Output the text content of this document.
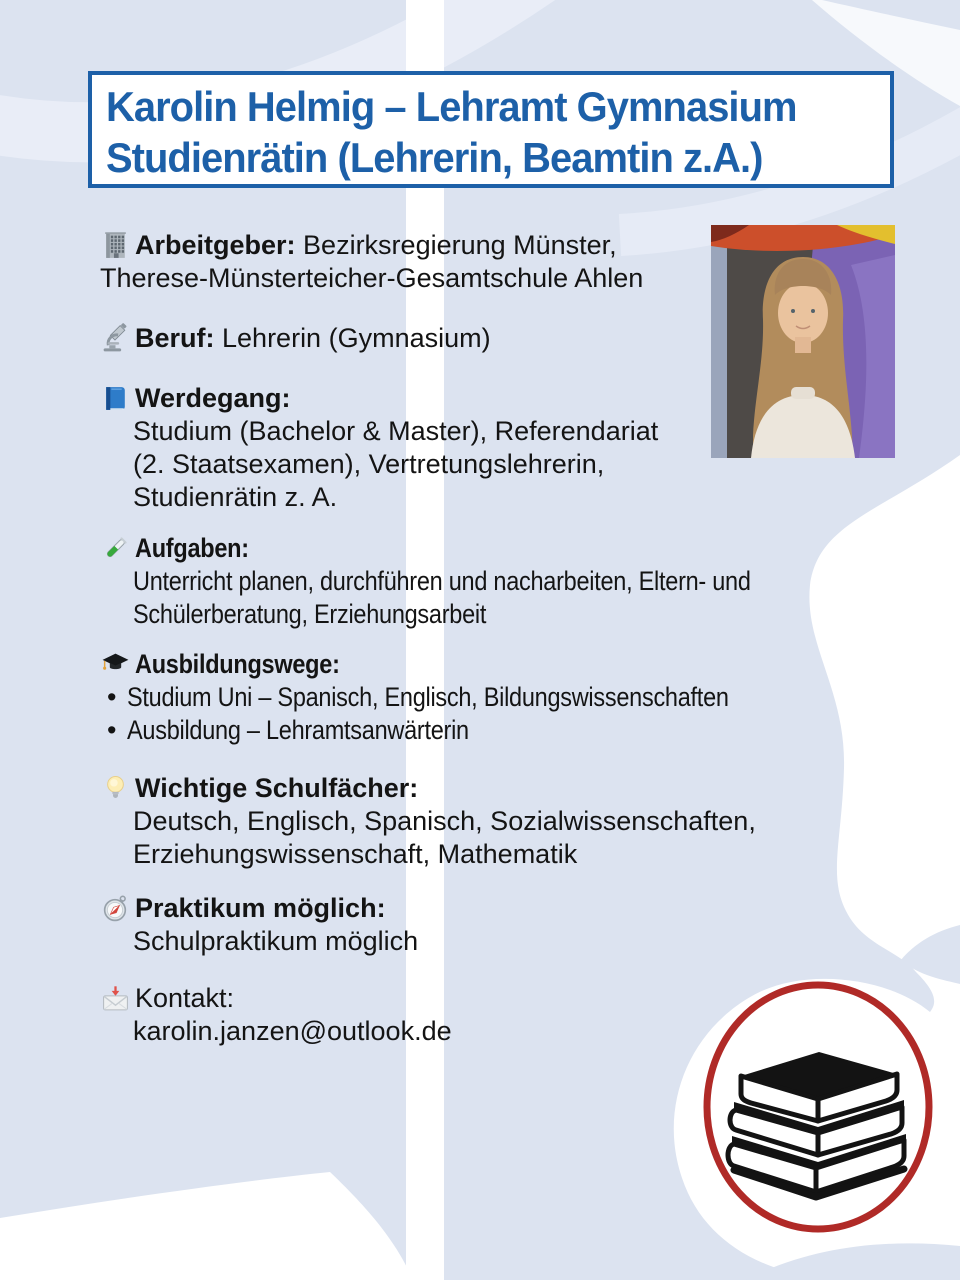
Karolin Helmig – Lehramt Gymnasium
Studienrätin (Lehrerin, Beamtin z.A.)
Arbeitgeber: Bezirksregierung Münster, Therese-Münsterteicher-Gesamtschule Ahlen
Beruf: Lehrerin (Gymnasium)
Werdegang:
Studium (Bachelor & Master), Referendariat
(2. Staatsexamen), Vertretungslehrerin,
Studienrätin z. A.
Aufgaben:
Unterricht planen, durchführen und nacharbeiten, Eltern- undSchülerberatung, Erziehungsarbeit
Ausbildungswege:
• Studium Uni – Spanisch, Englisch, Bildungswissenschaften
• Ausbildung – Lehramtsanwärterin
Wichtige Schulfächer:
Deutsch, Englisch, Spanisch, Sozialwissenschaften,
Erziehungswissenschaft, Mathematik
Praktikum möglich:
Schulpraktikum möglich
Kontakt:
karolin.janzen@outlook.de
